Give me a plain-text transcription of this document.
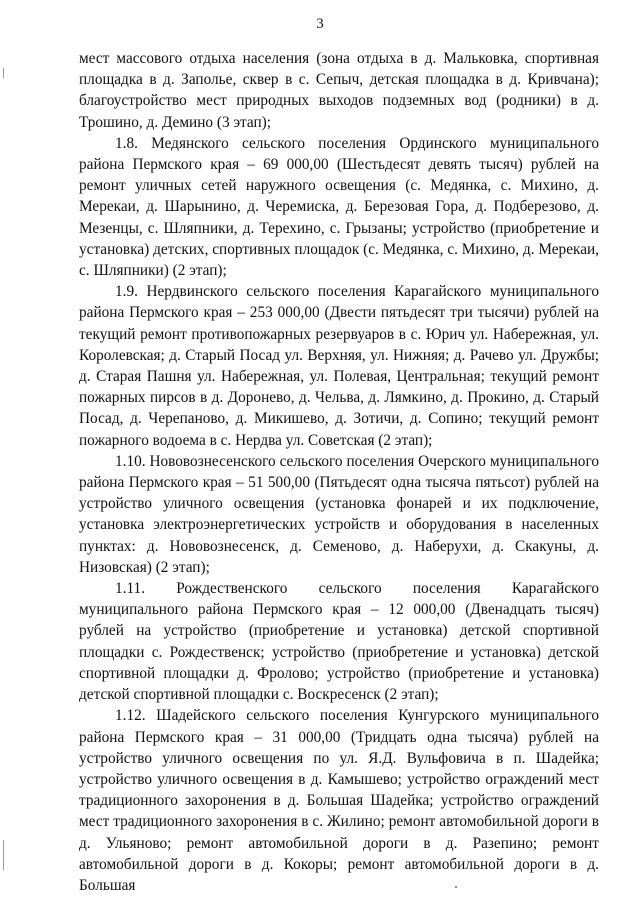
3

мест массового отдыха населения (зона отдыха в д. Мальковка, спортивная площадка в д. Заполье, сквер в с. Сепыч, детская площадка в д. Кривчана); благоустройство мест природных выходов подземных вод (родники) в д. Трошино, д. Демино (3 этап);

1.8. Медянского сельского поселения Ординского муниципального района Пермского края – 69 000,00 (Шестьдесят девять тысяч) рублей на ремонт уличных сетей наружного освещения (с. Медянка, с. Михино, д. Мерекаи, д. Шарынино, д. Черемиска, д. Березовая Гора, д. Подберезово, д. Мезенцы, с. Шляпники, д. Терехино, с. Грызаны; устройство (приобретение и установка) детских, спортивных площадок (с. Медянка, с. Михино, д. Мерекаи, с. Шляпники) (2 этап);

1.9. Нердвинского сельского поселения Карагайского муниципального района Пермского края – 253 000,00 (Двести пятьдесят три тысячи) рублей на текущий ремонт противопожарных резервуаров в с. Юрич ул. Набережная, ул. Королевская; д. Старый Посад ул. Верхняя, ул. Нижняя; д. Рачево ул. Дружбы; д. Старая Пашня ул. Набережная, ул. Полевая, Центральная; текущий ремонт пожарных пирсов в д. Доронево, д. Чельва, д. Лямкино, д. Прокино, д. Старый Посад, д. Черепаново, д. Микишево, д. Зотичи, д. Сопино; текущий ремонт пожарного водоема в с. Нердва ул. Советская (2 этап);

1.10. Нововознесенского сельского поселения Очерского муниципального района Пермского края – 51 500,00 (Пятьдесят одна тысяча пятьсот) рублей на устройство уличного освещения (установка фонарей и их подключение, установка электроэнергетических устройств и оборудования в населенных пунктах: д. Нововознесенск, д. Семеново, д. Наберухи, д. Скакуны, д. Низовская) (2 этап);

1.11. Рождественского сельского поселения Карагайского муниципального района Пермского края – 12 000,00 (Двенадцать тысяч) рублей на устройство (приобретение и установка) детской спортивной площадки с. Рождественск; устройство (приобретение и установка) детской спортивной площадки д. Фролово; устройство (приобретение и установка) детской спортивной площадки с. Воскресенск (2 этап);

1.12. Шадейского сельского поселения Кунгурского муниципального района Пермского края – 31 000,00 (Тридцать одна тысяча) рублей на устройство уличного освещения по ул. Я.Д. Вульфовича в п. Шадейка; устройство уличного освещения в д. Камышево; устройство ограждений мест традиционного захоронения в д. Большая Шадейка; устройство ограждений мест традиционного захоронения в с. Жилино; ремонт автомобильной дороги в д. Ульяново; ремонт автомобильной дороги в д. Разепино; ремонт автомобильной дороги в д. Кокоры; ремонт автомобильной дороги в д. Большая
